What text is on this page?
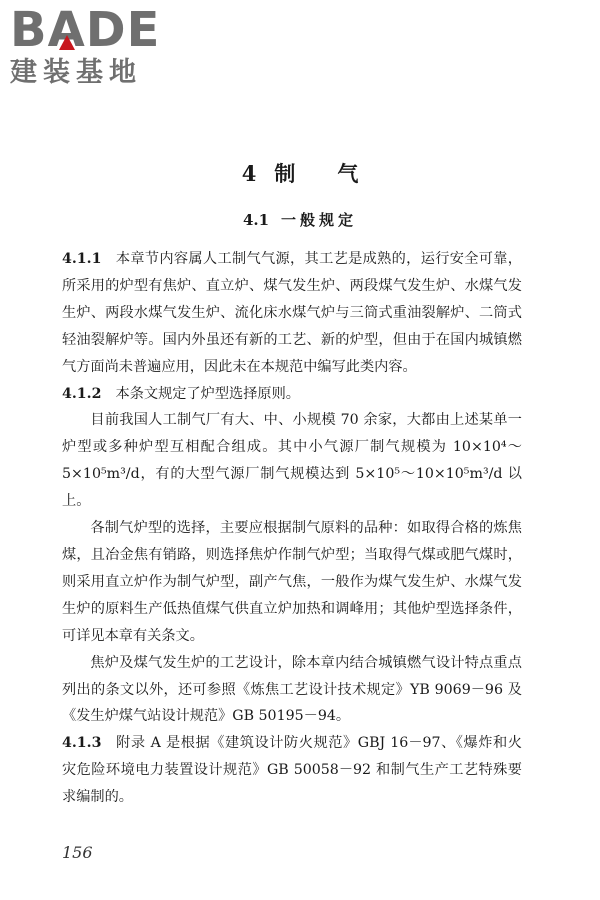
BA
DE
建装基地
4 制 气
4.1 一般规定

4.1.1 本章节内容属人工制气气源，其工艺是成熟的，运行安全可靠，所采用的炉型有焦炉、直立炉、煤气发生炉、两段煤气发生炉、水煤气发生炉、两段水煤气发生炉、流化床水煤气炉与三筒式重油裂解炉、二筒式轻油裂解炉等。国内外虽还有新的工艺、新的炉型，但由于在国内城镇燃气方面尚未普遍应用，因此未在本规范中编写此类内容。

4.1.2 本条文规定了炉型选择原则。

目前我国人工制气厂有大、中、小规模 70 余家，大都由上述某单一炉型或多种炉型互相配合组成。其中小气源厂制气规模为 10×10⁴～5×10⁵m³/d，有的大型气源厂制气规模达到 5×10⁵～10×10⁵m³/d 以上。

各制气炉型的选择，主要应根据制气原料的品种：如取得合格的炼焦煤，且冶金焦有销路，则选择焦炉作制气炉型；当取得气煤或肥气煤时，则采用直立炉作为制气炉型，副产气焦，一般作为煤气发生炉、水煤气发生炉的原料生产低热值煤气供直立炉加热和调峰用；其他炉型选择条件，可详见本章有关条文。

焦炉及煤气发生炉的工艺设计，除本章内结合城镇燃气设计特点重点列出的条文以外，还可参照《炼焦工艺设计技术规定》YB 9069－96 及《发生炉煤气站设计规范》GB 50195－94。

4.1.3 附录 A 是根据《建筑设计防火规范》GBJ 16－97、《爆炸和火灾危险环境电力装置设计规范》GB 50058－92 和制气生产工艺特殊要求编制的。

156
